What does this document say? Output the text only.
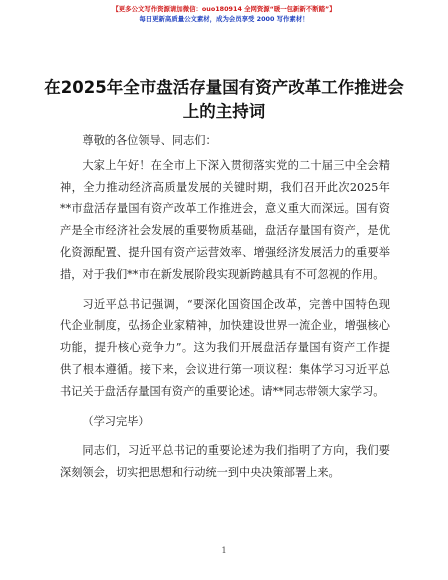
【更多公文写作资源请加微信：ouo180914 全网资源“暖一包新新不断踏”】
每日更新高质量公文素材，成为会员享受 2000 写作素材！
在2025年全市盘活存量国有资产改革工作推进会上的主持词

尊敬的各位领导、同志们：

大家上午好！在全市上下深入贯彻落实党的二十届三中全会精神，全力推动经济高质量发展的关键时期，我们召开此次2025年**市盘活存量国有资产改革工作推进会，意义重大而深远。国有资产是全市经济社会发展的重要物质基础，盘活存量国有资产，是优化资源配置、提升国有资产运营效率、增强经济发展活力的重要举措，对于我们**市在新发展阶段实现新跨越具有不可忽视的作用。

习近平总书记强调，“要深化国资国企改革，完善中国特色现代企业制度，弘扬企业家精神，加快建设世界一流企业，增强核心功能，提升核心竞争力”。这为我们开展盘活存量国有资产工作提供了根本遵循。接下来，会议进行第一项议程：集体学习习近平总书记关于盘活存量国有资产的重要论述。请**同志带领大家学习。

（学习完毕）

同志们，习近平总书记的重要论述为我们指明了方向，我们要深刻领会，切实把思想和行动统一到中央决策部署上来。

1
